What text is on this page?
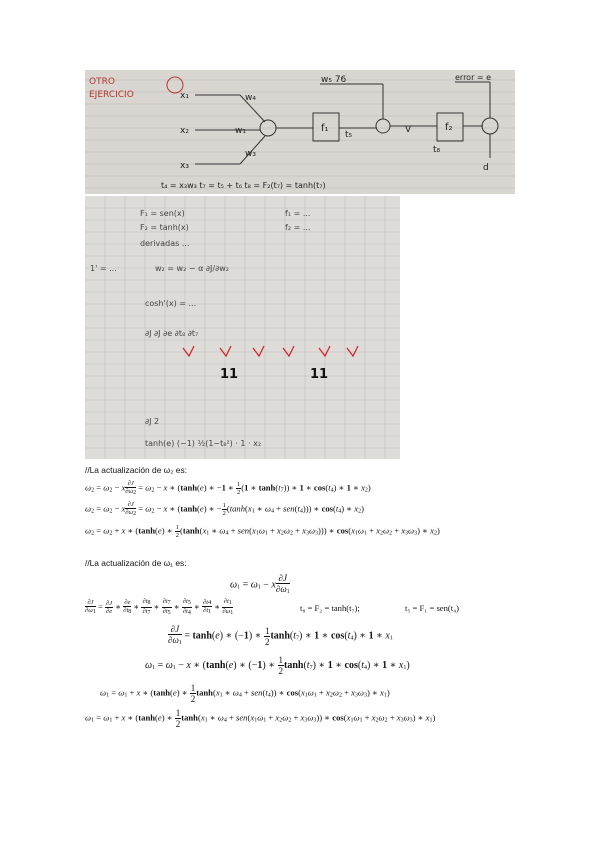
OTRO
EJERCICIO	x₁
x₂
x₃
w₄
w₁
w₃
f₁	f₂
w₅ 76
t₅	V
t₈
d
error = e
t₄ = x₃w₃ t₇ = t₅ + t₆ t₈ = F₂(t₇) = tanh(t₇)
F₁ = sen(x)
F₂ = tanh(x)
derivadas ...
f₁ = ...
f₂ = ...
1' = ...	w₂ = w₂ − α ∂J/∂w₂
cosh'(x) = ...
∂J ∂J ∂e ∂t₈ ∂t₇
∂J 2
tanh(e) (−1) ½(1−t₈²) · 1 · x₂
11	11
//La actualización de ω₂ es:
$\omega_2 = \omega_2 - x \frac{\partial J}{\partial\omega_2} = \omega_2 - x$ ∗ (tanh(e) ∗ −1 ∗ $\frac{1}{2} (1$ ∗ $\tanh(t_7)$) ∗ 1 ∗ $\cos(t_4)$ ∗ 1 ∗ $x_2$)
$\omega_2 = \omega_2 - x \frac{\partial J}{\partial\omega_2} = \omega_2 - x$ ∗ (tanh(e) ∗ − $\frac{1}{2} (\tanh(x_1$ ∗ $\omega_4 + sen(t_4)$)) ∗ $\cos(t_4)$ ∗ $x_2$)
$\omega_2 = \omega_2 + x$ ∗ (tanh(e) ∗ $\frac{1}{2} (\tanh(x_1$ ∗ $\omega_4 + sen(x_1\omega_1 + x_2\omega_2 + x_3\omega_3)$)) ∗ $\cos(x_1\omega_1 + x_2\omega_2 + x_3\omega_3)$ ∗ $x_2$)
//La actualización de ω₁ es:
$\omega_1 = \omega_1 - x \frac{\partial J}{\partial\omega_1}$
$\frac{\partial J}{\partial\omega_1} = \frac{\partial J}{\partial e}$ ∗ $\frac{\partial e}{\partial t_8}$ ∗ $\frac{\partial t_8}{\partial t_7}$ ∗ $\frac{\partial t_7}{\partial t_5}$ ∗ $\frac{\partial t_5}{\partial t_4}$ ∗ $\frac{\partial t4}{\partial t_1}$ ∗ $\frac{\partial t_1}{\partial\omega_1}$	t₈ = F₂ = tanh(t₇);	t₅ = F₁ = sen(t₄)
$\frac{\partial J}{\partial\omega_1} = \tanh(e)$ ∗ (−1) ∗ $\frac{1}{2} \tanh(t_7)$ ∗ 1 ∗ $\cos(t_4)$ ∗ 1 ∗ $x_1$
$\omega_1 = \omega_1 - x$ ∗ (tanh(e) ∗ (−1) ∗ $\frac{1}{2} \tanh(t_7)$ ∗ 1 ∗ $\cos(t_4)$ ∗ 1 ∗ $x_1$)
$\omega_1 = \omega_1 + x$ ∗ (tanh(e) ∗ $\frac{1}{2} \tanh(x_1$ ∗ $\omega_4 + sen(t_4)$) ∗ $\cos(x_1\omega_1 + x_2\omega_2 + x_3\omega_3)$ ∗ $x_1$)
$\omega_1 = \omega_1 + x$ ∗ (tanh(e) ∗ $\frac{1}{2} \tanh(x_1$ ∗ $\omega_4 + sen(x_1\omega_1 + x_2\omega_2 + x_3\omega_3)$) ∗ $\cos(x_1\omega_1 + x_2\omega_2 + x_3\omega_3)$ ∗ $x_1$)
